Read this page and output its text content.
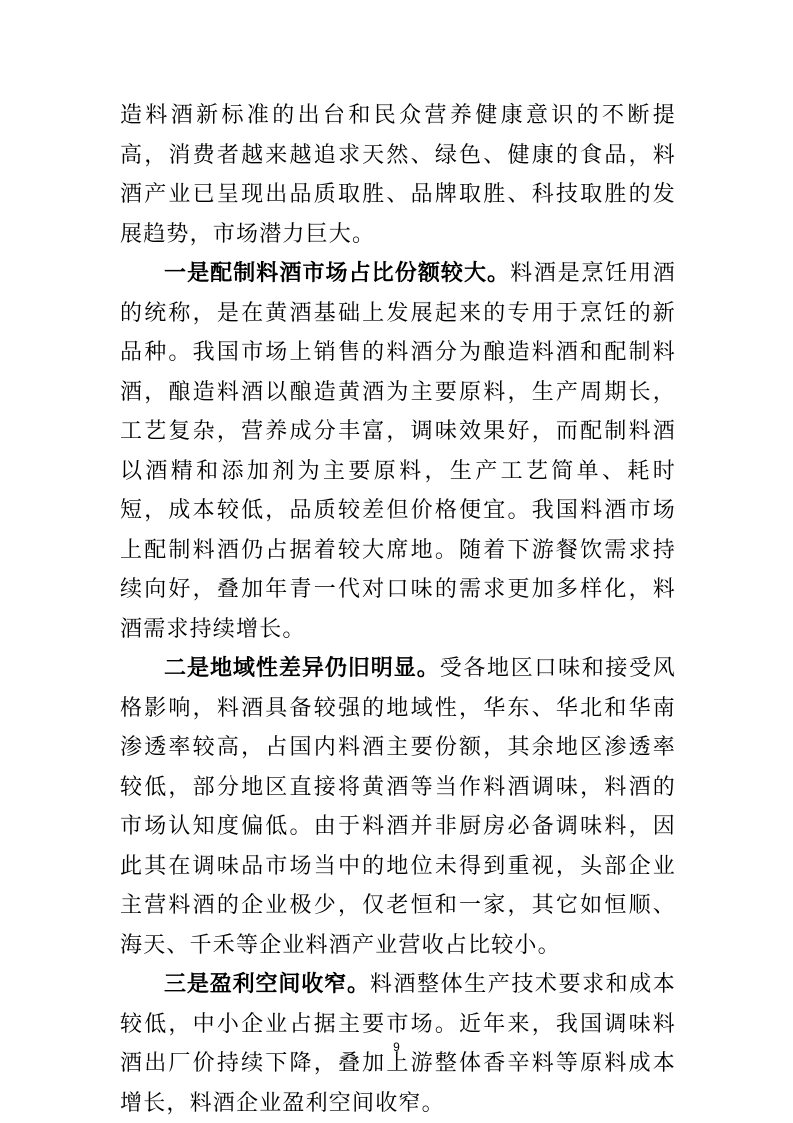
造料酒新标准的出台和民众营养健康意识的不断提高，消费者越来越追求天然、绿色、健康的食品，料酒产业已呈现出品质取胜、品牌取胜、科技取胜的发展趋势，市场潜力巨大。

一是配制料酒市场占比份额较大。料酒是烹饪用酒的统称，是在黄酒基础上发展起来的专用于烹饪的新品种。我国市场上销售的料酒分为酿造料酒和配制料酒，酿造料酒以酿造黄酒为主要原料，生产周期长，工艺复杂，营养成分丰富，调味效果好，而配制料酒以酒精和添加剂为主要原料，生产工艺简单、耗时短，成本较低，品质较差但价格便宜。我国料酒市场上配制料酒仍占据着较大席地。随着下游餐饮需求持续向好，叠加年青一代对口味的需求更加多样化，料酒需求持续增长。

二是地域性差异仍旧明显。受各地区口味和接受风格影响，料酒具备较强的地域性，华东、华北和华南渗透率较高，占国内料酒主要份额，其余地区渗透率较低，部分地区直接将黄酒等当作料酒调味，料酒的市场认知度偏低。由于料酒并非厨房必备调味料，因此其在调味品市场当中的地位未得到重视，头部企业主营料酒的企业极少，仅老恒和一家，其它如恒顺、海天、千禾等企业料酒产业营收占比较小。

三是盈利空间收窄。料酒整体生产技术要求和成本较低，中小企业占据主要市场。近年来，我国调味料酒出厂价持续下降，叠加上游整体香辛料等原料成本增长，料酒企业盈利空间收窄。

9
